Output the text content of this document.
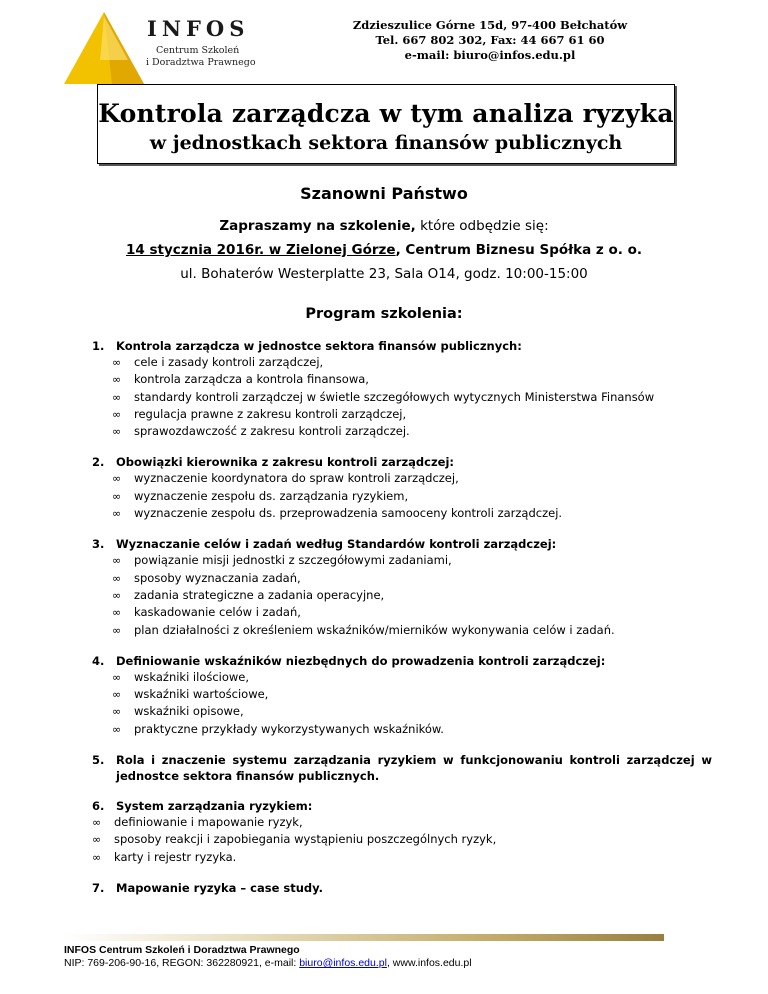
INFOS
Centrum Szkoleń
i Doradztwa Prawnego
Zdzieszulice Górne 15d, 97-400 Bełchatów
Tel. 667 802 302, Fax: 44 667 61 60
e-mail: biuro@infos.edu.pl
Kontrola zarządcza w tym analiza ryzyka
w jednostkach sektora finansów publicznych
Szanowni Państwo
Zapraszamy na szkolenie, które odbędzie się:
14 stycznia 2016r. w Zielonej Górze, Centrum Biznesu Spółka z o. o.
ul. Bohaterów Westerplatte 23, Sala O14, godz. 10:00-15:00
Program szkolenia:
1.	Kontrola zarządcza w jednostce sektora finansów publicznych:
∞	cele i zasady kontroli zarządczej,
∞	kontrola zarządcza a kontrola finansowa,
∞	standardy kontroli zarządczej w świetle szczegółowych wytycznych Ministerstwa Finansów
∞	regulacja prawne z zakresu kontroli zarządczej,
∞	sprawozdawczość z zakresu kontroli zarządczej.
2.	Obowiązki kierownika z zakresu kontroli zarządczej:
∞	wyznaczenie koordynatora do spraw kontroli zarządczej,
∞	wyznaczenie zespołu ds. zarządzania ryzykiem,
∞	wyznaczenie zespołu ds. przeprowadzenia samooceny kontroli zarządczej.
3.	Wyznaczanie celów i zadań według Standardów kontroli zarządczej:
∞	powiązanie misji jednostki z szczegółowymi zadaniami,
∞	sposoby wyznaczania zadań,
∞	zadania strategiczne a zadania operacyjne,
∞	kaskadowanie celów i zadań,
∞	plan działalności z określeniem wskaźników/mierników wykonywania celów i zadań.
4.	Definiowanie wskaźników niezbędnych do prowadzenia kontroli zarządczej:
∞	wskaźniki ilościowe,
∞	wskaźniki wartościowe,
∞	wskaźniki opisowe,
∞	praktyczne przykłady wykorzystywanych wskaźników.
5.	Rola i znaczenie systemu zarządzania ryzykiem w funkcjonowaniu kontroli zarządczej w jednostce sektora finansów publicznych.
6.	System zarządzania ryzykiem:
∞	definiowanie i mapowanie ryzyk,
∞	sposoby reakcji i zapobiegania wystąpieniu poszczególnych ryzyk,
∞	karty i rejestr ryzyka.
7.	Mapowanie ryzyka – case study.
INFOS Centrum Szkoleń i Doradztwa Prawnego
NIP: 769-206-90-16, REGON: 362280921, e-mail: biuro@infos.edu.pl, www.infos.edu.pl
